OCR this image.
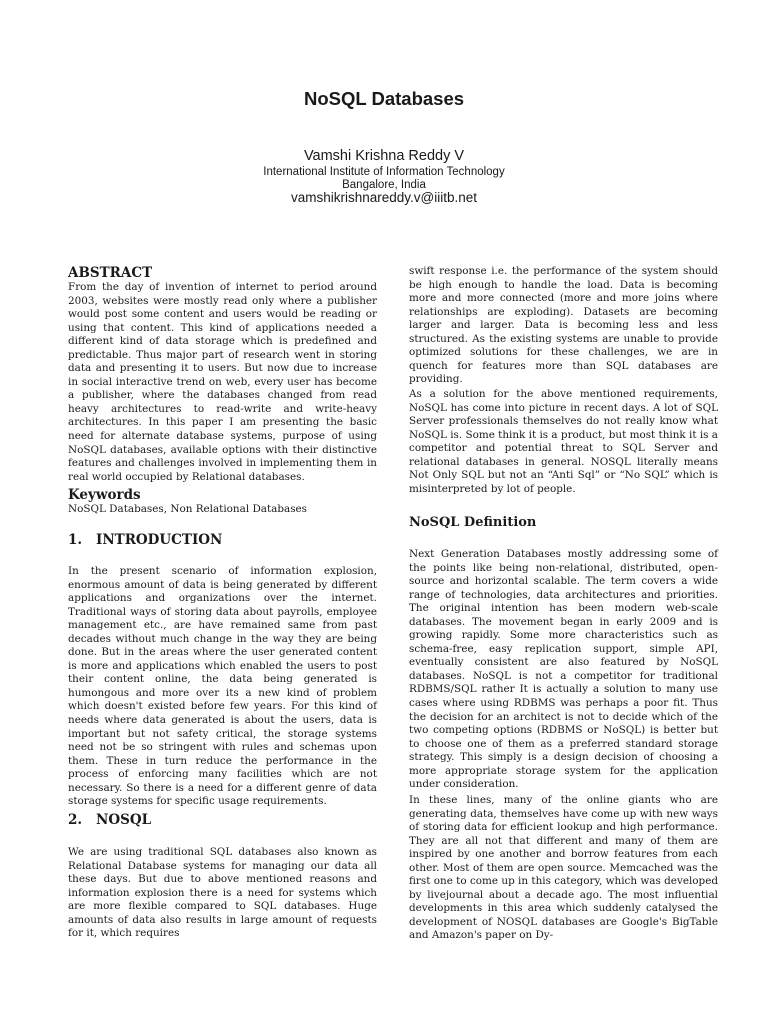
NoSQL Databases
Vamshi Krishna Reddy V
International Institute of Information Technology
Bangalore, India
vamshikrishnareddy.v@iiitb.net
ABSTRACT

From the day of invention of internet to period around 2003, websites were mostly read only where a publisher would post some content and users would be reading or using that content. This kind of applications needed a different kind of data storage which is predefined and predictable. Thus major part of research went in storing data and presenting it to users. But now due to increase in social interactive trend on web, every user has become a publisher, where the databases changed from read heavy architectures to read-write and write-heavy architectures. In this paper I am presenting the basic need for alternate database systems, purpose of using NoSQL databases, available options with their distinctive features and challenges involved in implementing them in real world occupied by Relational databases.

Keywords

NoSQL Databases, Non Relational Databases

1. INTRODUCTION

In the present scenario of information explosion, enormous amount of data is being generated by different applications and organizations over the internet. Traditional ways of storing data about payrolls, employee management etc., are have remained same from past decades without much change in the way they are being done. But in the areas where the user generated content is more and applications which enabled the users to post their content online, the data being generated is humongous and more over its a new kind of problem which doesn't existed before few years. For this kind of needs where data generated is about the users, data is important but not safety critical, the storage systems need not be so stringent with rules and schemas upon them. These in turn reduce the performance in the process of enforcing many facilities which are not necessary. So there is a need for a different genre of data storage systems for specific usage requirements.

2. NOSQL

We are using traditional SQL databases also known as Relational Database systems for managing our data all these days. But due to above mentioned reasons and information explosion there is a need for systems which are more flexible compared to SQL databases. Huge amounts of data also results in large amount of requests for it, which requires

swift response i.e. the performance of the system should be high enough to handle the load. Data is becoming more and more connected (more and more joins where relationships are exploding). Datasets are becoming larger and larger. Data is becoming less and less structured. As the existing systems are unable to provide optimized solutions for these challenges, we are in quench for features more than SQL databases are providing.

As a solution for the above mentioned requirements, NoSQL has come into picture in recent days. A lot of SQL Server professionals themselves do not really know what NoSQL is. Some think it is a product, but most think it is a competitor and potential threat to SQL Server and relational databases in general. NOSQL literally means Not Only SQL but not an “Anti Sql” or “No SQL” which is misinterpreted by lot of people.

NoSQL Definition

Next Generation Databases mostly addressing some of the points like being non-relational, distributed, open-source and horizontal scalable. The term covers a wide range of technologies, data architectures and priorities. The original intention has been modern web-scale databases. The movement began in early 2009 and is growing rapidly. Some more characteristics such as schema-free, easy replication support, simple API, eventually consistent are also featured by NoSQL databases. NoSQL is not a competitor for traditional RDBMS/SQL rather It is actually a solution to many use cases where using RDBMS was perhaps a poor fit. Thus the decision for an architect is not to decide which of the two competing options (RDBMS or NoSQL) is better but to choose one of them as a preferred standard storage strategy. This simply is a design decision of choosing a more appropriate storage system for the application under consideration.

In these lines, many of the online giants who are generating data, themselves have come up with new ways of storing data for efficient lookup and high performance. They are all not that different and many of them are inspired by one another and borrow features from each other. Most of them are open source. Memcached was the first one to come up in this category, which was developed by livejournal about a decade ago. The most influential developments in this area which suddenly catalysed the development of NOSQL databases are Google's BigTable and Amazon's paper on Dy-
